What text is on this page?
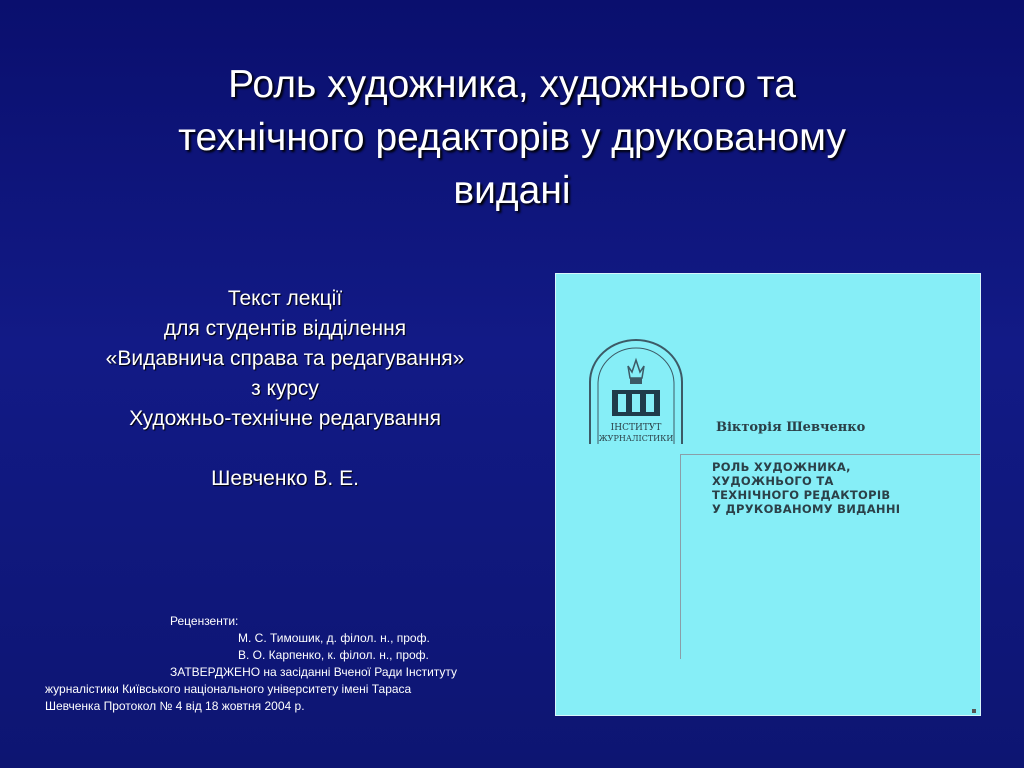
Роль художника, художнього та
технічного редакторів у друкованому
видані
Текст лекції
для студентів відділення
«Видавнича справа та редагування»
з курсу
Художньо-технічне редагування
Шевченко В. Е.
Рецензенти:
М. С. Тимошик, д. філол. н., проф.
В. О. Карпенко, к. філол. н., проф.
ЗАТВЕРДЖЕНО на засіданні Вченої Ради Інституту
журналістики Київського національного університету імені Тараса
Шевченка Протокол № 4 від 18 жовтня 2004 р.
ІНСТИТУТ
ЖУРНАЛІСТИКИ
Вікторія Шевченко
РОЛЬ ХУДОЖНИКА,
ХУДОЖНЬОГО ТА
ТЕХНІЧНОГО РЕДАКТОРІВ
У ДРУКОВАНОМУ ВИДАННІ
